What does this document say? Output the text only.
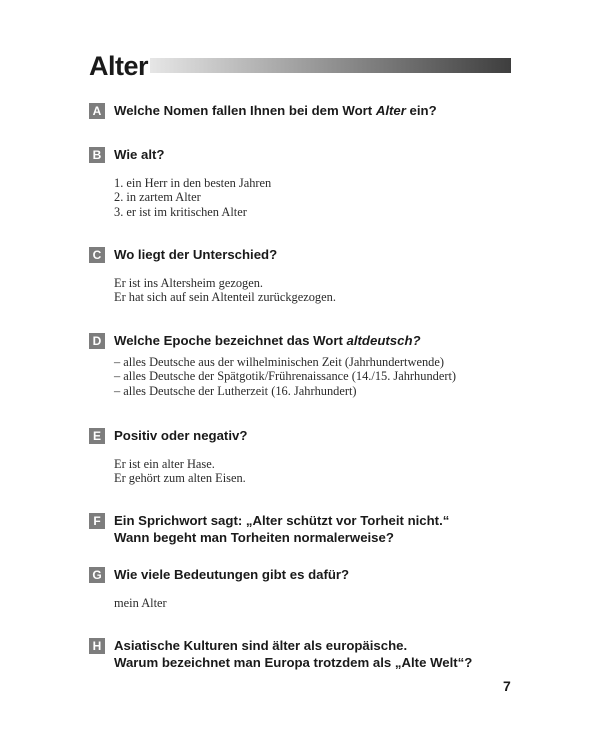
Alter
A Welche Nomen fallen Ihnen bei dem Wort Alter ein?
B Wie alt?
1. ein Herr in den besten Jahren
2. in zartem Alter
3. er ist im kritischen Alter
C Wo liegt der Unterschied?
Er ist ins Altersheim gezogen.
Er hat sich auf sein Altenteil zurückgezogen.
D Welche Epoche bezeichnet das Wort altdeutsch?
– alles Deutsche aus der wilhelminischen Zeit (Jahrhundertwende)
– alles Deutsche der Spätgotik/Frührenaissance (14./15. Jahrhundert)
– alles Deutsche der Lutherzeit (16. Jahrhundert)
E Positiv oder negativ?
Er ist ein alter Hase.
Er gehört zum alten Eisen.
F	Ein Sprichwort sagt: „Alter schützt vor Torheit nicht.“
Wann begeht man Torheiten normalerweise?
G Wie viele Bedeutungen gibt es dafür?
mein Alter
H Asiatische Kulturen sind älter als europäische.
Warum bezeichnet man Europa trotzdem als „Alte Welt“?
7
